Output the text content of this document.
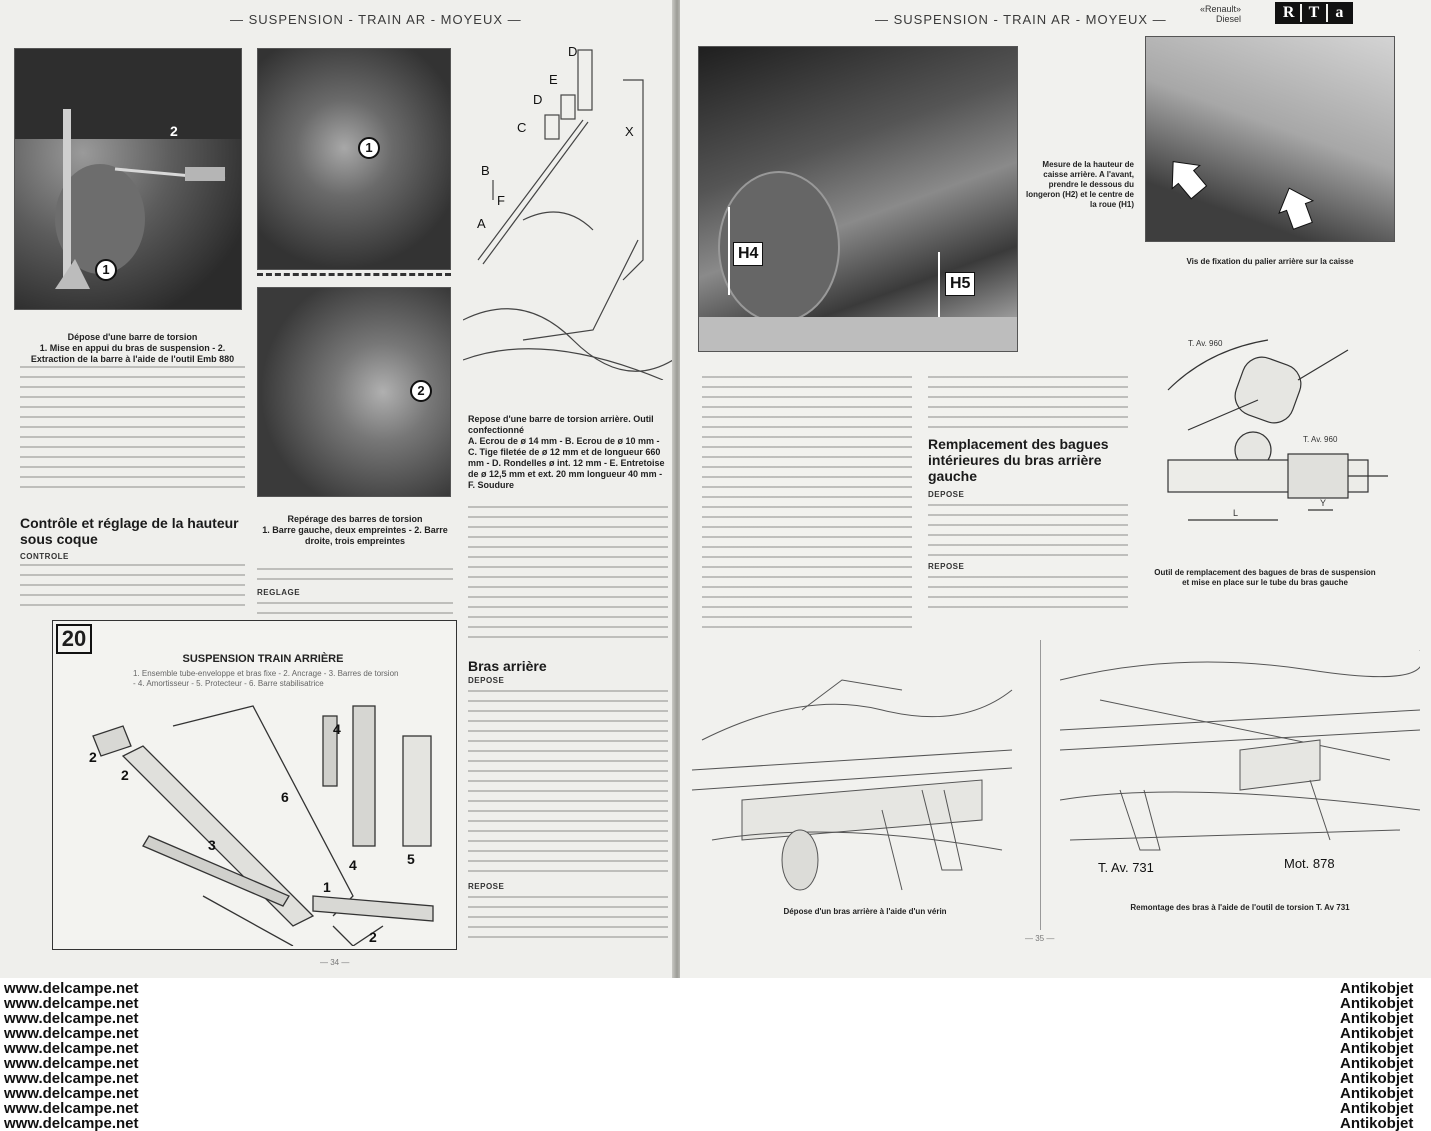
— SUSPENSION - TRAIN AR - MOYEUX —
2
1
Dépose d'une barre de torsion
1. Mise en appui du bras de suspension - 2. Extraction de la barre à l'aide de l'outil Emb 880
1
2
Repérage des barres de torsion
1. Barre gauche, deux empreintes - 2. Barre droite, trois empreintes
D
E
D
C
B
A
F
X
Repose d'une barre de torsion arrière. Outil confectionné
A. Ecrou de ø 14 mm - B. Ecrou de ø 10 mm - C. Tige filetée de ø 12 mm et de longueur 660 mm - D. Rondelles ø int. 12 mm - E. Entretoise de ø 12,5 mm et ext. 20 mm longueur 40 mm - F. Soudure
Contrôle et réglage de la hauteur sous coque
CONTROLE
REGLAGE
Bras arrière
DEPOSE
REPOSE
20
SUSPENSION TRAIN ARRIÈRE
1. Ensemble tube-enveloppe et bras fixe - 2. Ancrage - 3. Barres de torsion - 4. Amortisseur - 5. Protecteur - 6. Barre stabilisatrice
2
2
3
4
6
5
1
4
2
— 34 —
— SUSPENSION - TRAIN AR - MOYEUX —
«Renault»
Diesel	R T a
H4
H5
Mesure de la hauteur de caisse arrière. A l'avant, prendre le dessous du longeron (H2) et le centre de la roue (H1)
Vis de fixation du palier arrière sur la caisse
Remplacement des bagues intérieures du bras arrière gauche
DEPOSE
REPOSE
T. Av. 960
T. Av. 960
L
Y
Outil de remplacement des bagues de bras de suspension et mise en place sur le tube du bras gauche
Dépose d'un bras arrière à l'aide d'un vérin
T. Av. 731	Mot. 878
Remontage des bras à l'aide de l'outil de torsion T. Av 731
— 35 —
www.delcampe.net	Antikobjet
www.delcampe.net	Antikobjet
www.delcampe.net	Antikobjet
www.delcampe.net	Antikobjet
www.delcampe.net	Antikobjet
www.delcampe.net	Antikobjet
www.delcampe.net	Antikobjet
www.delcampe.net	Antikobjet
www.delcampe.net	Antikobjet
www.delcampe.net	Antikobjet
